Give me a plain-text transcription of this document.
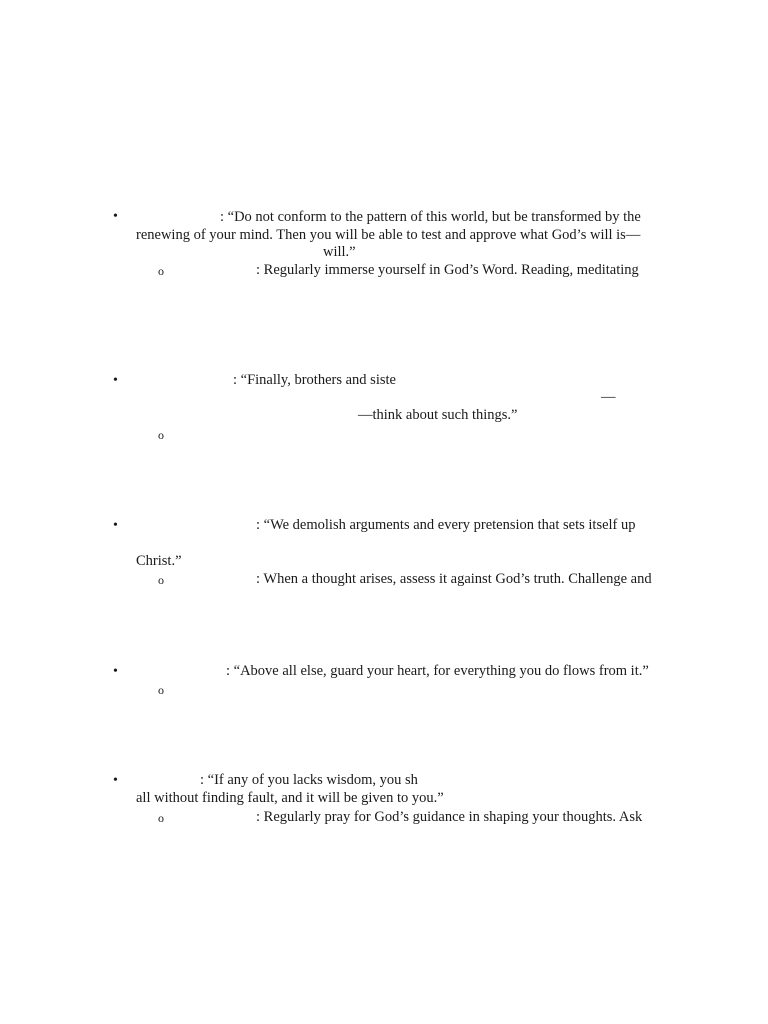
•	: “Do not conform to the pattern of this world, but be transformed by the
renewing of your mind. Then you will be able to test and approve what God’s will is—
will.”
o	: Regularly immerse yourself in God’s Word. Reading, meditating
•	: “Finally, brothers and siste
—
—think about such things.”
o
•	: “We demolish arguments and every pretension that sets itself up
Christ.”
o	: When a thought arises, assess it against God’s truth. Challenge and
•	: “Above all else, guard your heart, for everything you do flows from it.”
o
•	: “If any of you lacks wisdom, you sh
all without finding fault, and it will be given to you.”
o	: Regularly pray for God’s guidance in shaping your thoughts. Ask
